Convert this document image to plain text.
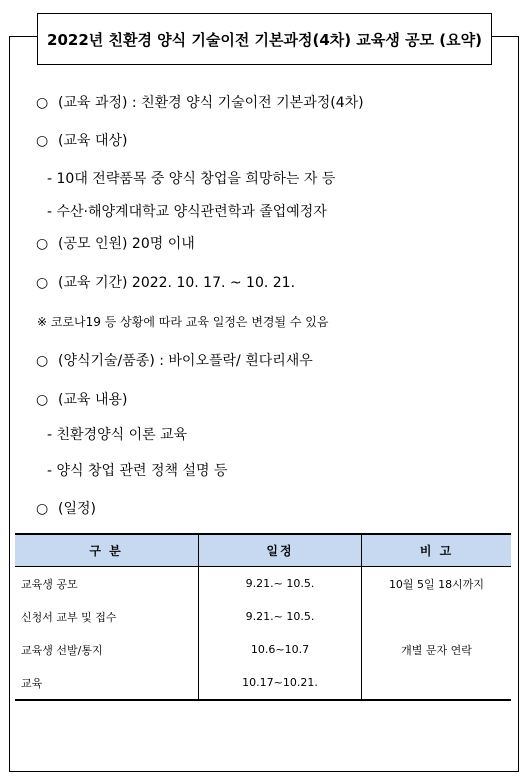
2022년 친환경 양식 기술이전 기본과정(4차) 교육생 공모 (요약)
○ (교육 과정) : 친환경 양식 기술이전 기본과정(4차)
○ (교육 대상)
- 10대 전략품목 중 양식 창업을 희망하는 자 등
- 수산·해양계대학교 양식관련학과 졸업예정자
○ (공모 인원) 20명 이내
○ (교육 기간) 2022. 10. 17. ~ 10. 21.
※ 코로나19 등 상황에 따라 교육 일정은 변경될 수 있음
○ (양식기술/품종) : 바이오플락/ 흰다리새우
○ (교육 내용)
- 친환경양식 이론 교육
- 양식 창업 관련 정책 설명 등
○ (일정)
구 분	일정	비 고
교육생 공모	9.21.~ 10.5.	10월 5일 18시까지
신청서 교부 및 접수	9.21.~ 10.5.	
교육생 선발/통지	10.6~10.7	개별 문자 연락
교육	10.17~10.21.	
